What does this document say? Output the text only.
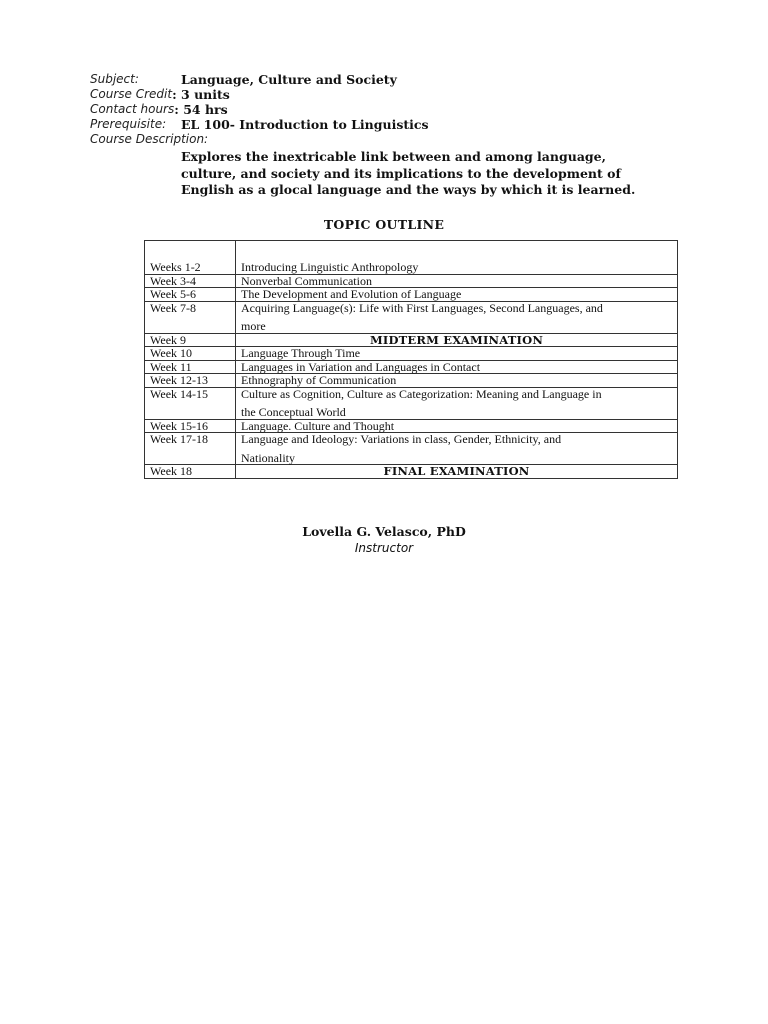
Subject:	Language, Culture and Society
Course Credit : 3 units
Contact hours : 54 hrs
Prerequisite:	EL 100- Introduction to Linguistics
Course Description:
Explores the inextricable link between and among language, culture, and society and its implications to the development of English as a glocal language and the ways by which it is learned.
TOPIC OUTLINE

Weeks 1-2	Introducing Linguistic Anthropology
Week 3-4	Nonverbal Communication
Week 5-6	The Development and Evolution of Language
Week 7-8	Acquiring Language(s): Life with First Languages, Second Languages, and
more

Week 9	MIDTERM EXAMINATION
Week 10	Language Through Time
Week 11	Languages in Variation and Languages in Contact
Week 12-13	Ethnography of Communication
Week 14-15	Culture as Cognition, Culture as Categorization: Meaning and Language in
the Conceptual World

Week 15-16	Language. Culture and Thought
Week 17-18	Language and Ideology: Variations in class, Gender, Ethnicity, and
Nationality

Week 18	FINAL EXAMINATION
Lovella G. Velasco, PhD
Instructor
